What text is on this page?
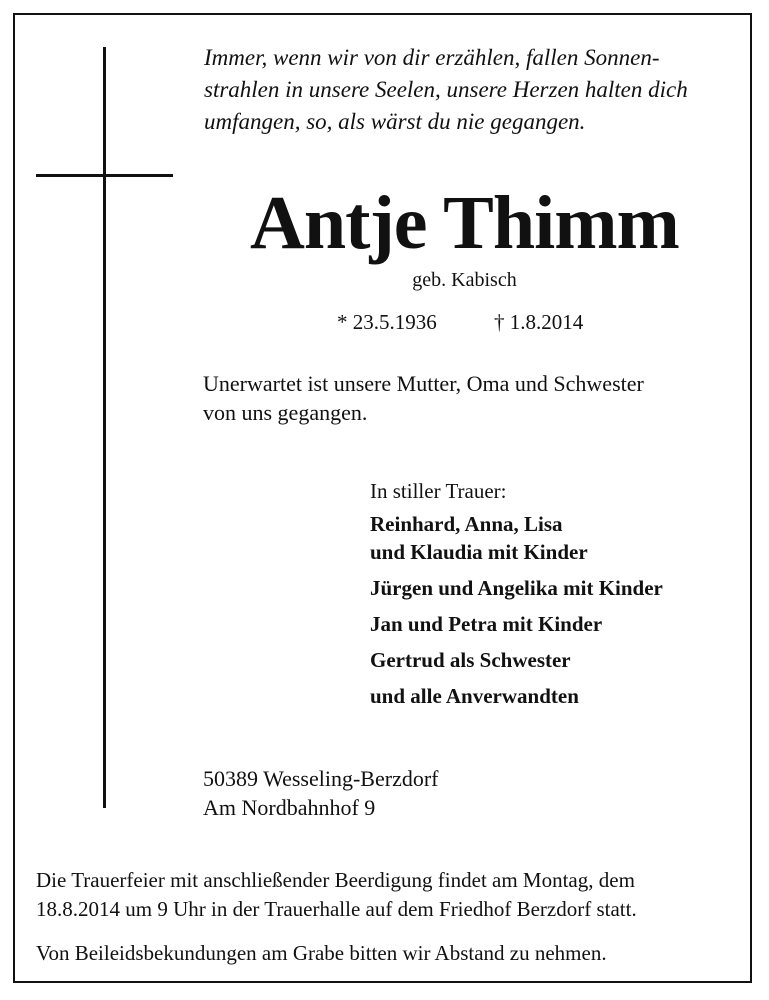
Immer, wenn wir von dir erzählen, fallen Sonnen-
strahlen in unsere Seelen, unsere Herzen halten dich
umfangen, so, als wärst du nie gegangen.
Antje Thimm
geb. Kabisch
* 23.5.1936	† 1.8.2014
Unerwartet ist unsere Mutter, Oma und Schwester
von uns gegangen.
In stiller Trauer:
Reinhard, Anna, Lisa
und Klaudia mit Kinder
Jürgen und Angelika mit Kinder
Jan und Petra mit Kinder
Gertrud als Schwester
und alle Anverwandten
50389 Wesseling-Berzdorf
Am Nordbahnhof 9
Die Trauerfeier mit anschließender Beerdigung findet am Montag, dem
18.8.2014 um 9 Uhr in der Trauerhalle auf dem Friedhof Berzdorf statt.
Von Beileidsbekundungen am Grabe bitten wir Abstand zu nehmen.
